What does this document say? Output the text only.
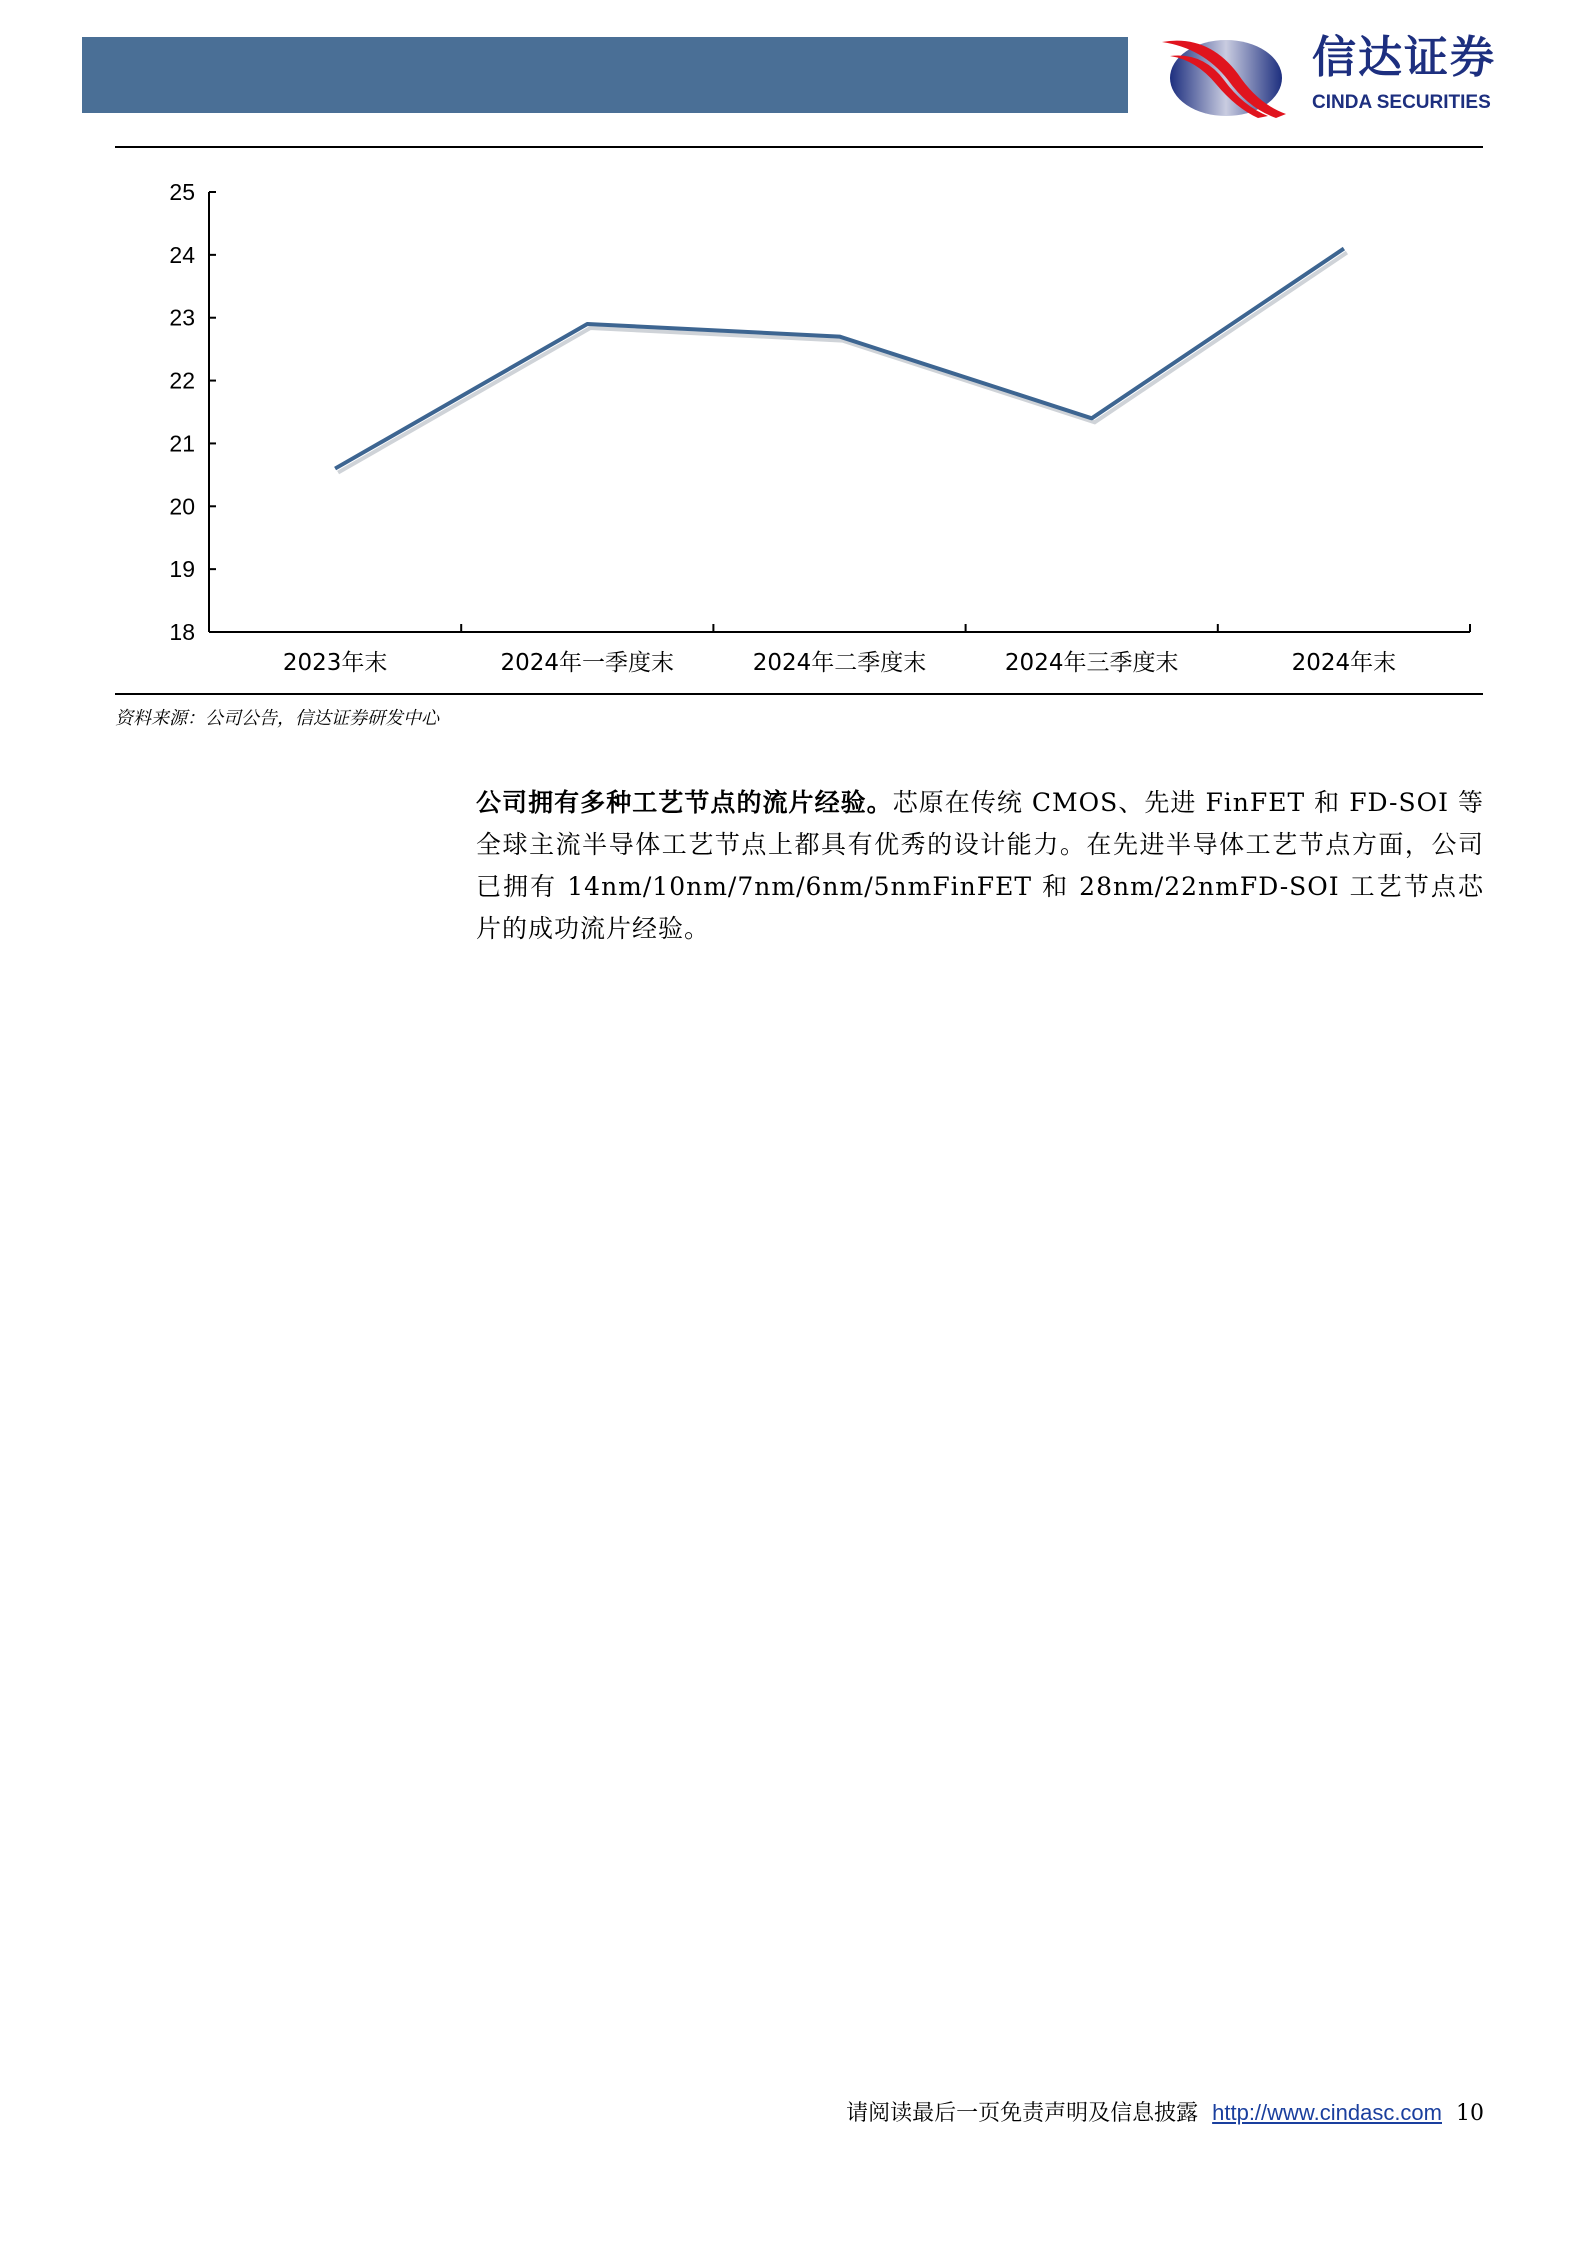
信达证券
CINDA SECURITIES
18
19
20
21
22
23
24
25
2023年末	2024年一季度末	2024年二季度末	2024年三季度末	2024年末
资料来源：公司公告，信达证券研发中心
公司拥有多种工艺节点的流片经验。芯原在传统 CMOS、先进 FinFET 和 FD-SOI 等全球主流半导体工艺节点上都具有优秀的设计能力。在先进半导体工艺节点方面，公司已拥有 14nm/10nm/7nm/6nm/5nmFinFET 和 28nm/22nmFD-SOI 工艺节点芯片的成功流片经验。
请阅读最后一页免责声明及信息披露 http://www.cindasc.com 10
